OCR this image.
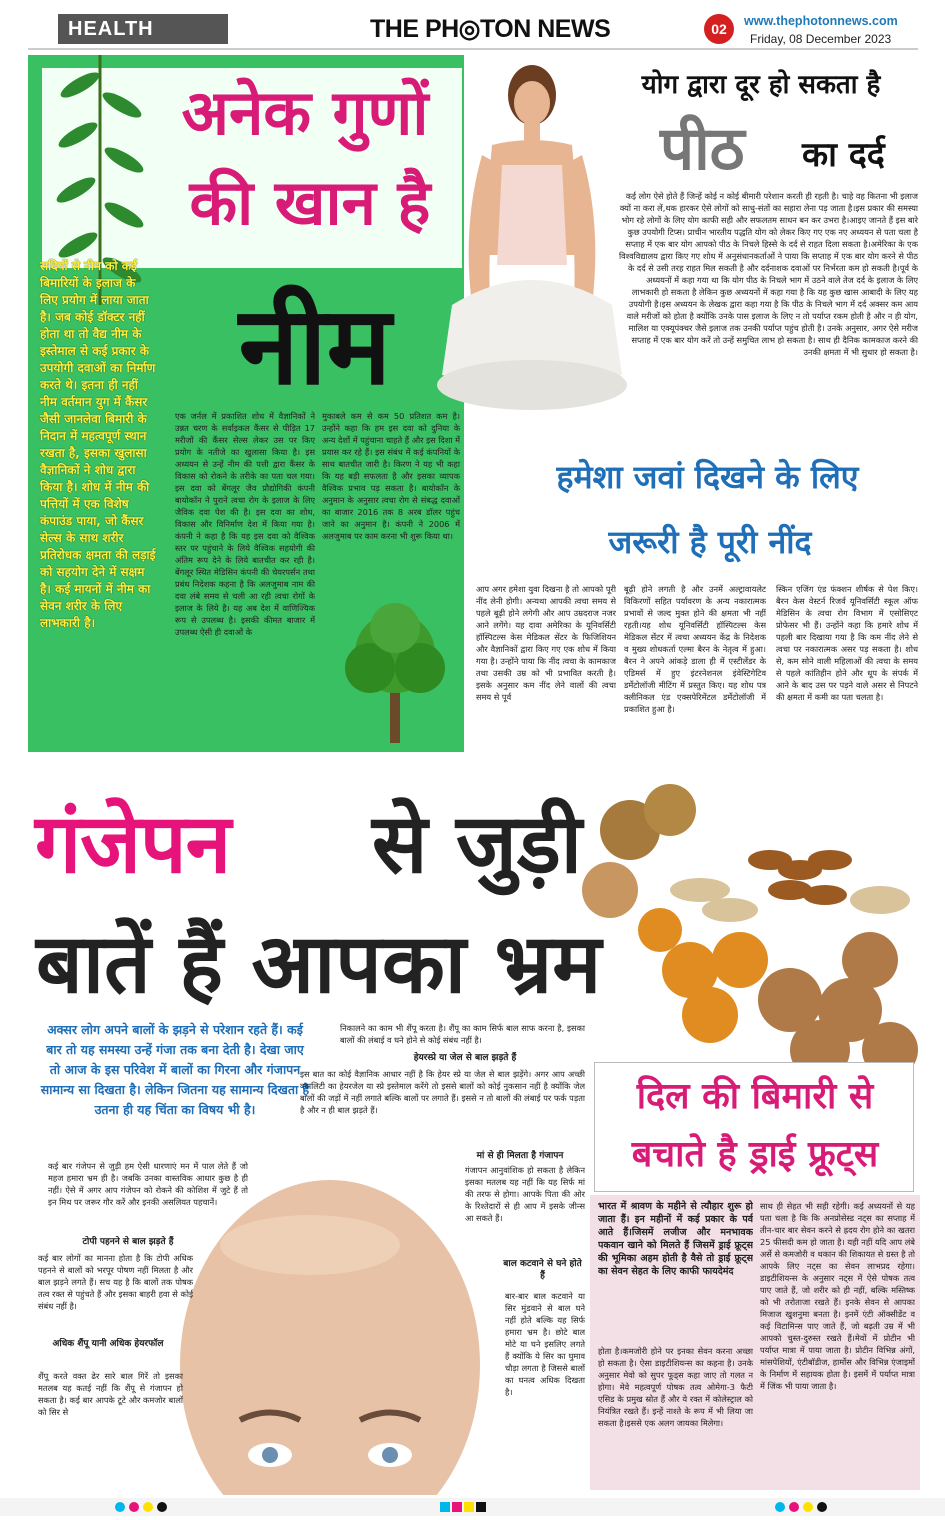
HEALTH	THE PH◎TON NEWS	02	www.thephotonnews.com
Friday, 08 December 2023
अनेक गुणों
की खान है
नीम
सदियों से नीम को कई बिमारियों के इलाज के लिए प्रयोग में लाया जाता है। जब कोई डॉक्टर नहीं होता था तो वैद्य नीम के इस्तेमाल से कई प्रकार के उपयोगी दवाओं का निर्माण करते थे। इतना ही नहीं नीम वर्तमान युग में कैंसर जैसी जानलेवा बिमारी के निदान में महत्वपूर्ण स्थान रखता है, इसका खुलासा वैज्ञानिकों ने शोध द्वारा किया है। शोध में नीम की पत्तियों में एक विशेष कंपाउंड पाया, जो कैंसर सेल्स के साथ शरीर प्रतिरोधक क्षमता की लड़ाई को सहयोग देने में सक्षम है। कई मायनों में नीम का सेवन शरीर के लिए लाभकारी है।
एक जर्नल में प्रकाशित शोध में वैज्ञानिकों ने उन्नत चरण के सर्वाइकल कैंसर से पीड़ित 17 मरीजों की कैंसर सेल्स लेकर उस पर किए प्रयोग के नतीजे का खुलासा किया है। इस अध्ययन से उन्हें नीम की पत्ती द्वारा कैंसर के विकास को रोकने के तरीके का पता चल गया। इस दवा को बेंगलूर जैव प्रौद्योगिकी कंपनी बायोकॉन ने पुराने त्वचा रोग के इलाज के लिए जैविक दवा पेश की है। इस दवा का शोध, विकास और विनिर्माण देश में किया गया है। कंपनी ने कहा है कि यह इस दवा को वैश्विक स्तर पर पहुंचाने के लिये वैश्विक सहयोगी की अंतिम रूप देने के लिये बातचीत कर रही है। बेंगलूर स्थित मेडिसिन कंपनी की चेयरपर्सन तथा प्रबंध निदेशक कहना है कि अलजुमाब नाम की दवा लंबे समय से चली आ रही त्वचा रोगों के इलाज के लिये है। यह अब देश में वाणिज्यिक रूप से उपलब्ध है। इसकी कीमत बाजार में उपलब्ध ऐसी ही दवाओं के
मुकाबले कम से कम 50 प्रतिशत कम है। उन्होंने कहा कि हम इस दवा को दुनिया के अन्य देशों में पहुंचाना चाहते हैं और इस दिशा में प्रयास कर रहे हैं। इस संबंध में कई कंपनियों के साथ बातचीत जारी है। किरण ने यह भी कहा कि यह बड़ी सफलता है और इसका व्यापक वैश्विक प्रभाव पड़ सकता है। बायोकॉन के अनुमान के अनुसार त्वचा रोग से संबद्ध दवाओं का बाजार 2016 तक 8 अरब डॉलर पहुंच जाने का अनुमान है। कंपनी ने 2006 में अलजुमाब पर काम करना भी शुरू किया था।
योग द्वारा दूर हो सकता है
पीठ का दर्द
कई लोग ऐसे होते हैं जिन्हें कोई न कोई बीमारी परेशान करती ही रहती है। चाहे वह कितना भी इलाज क्यों ना करा लें,थक हारकर ऐसे लोगों को साधु-संतों का सहारा लेना पड़ जाता है।इस प्रकार की समस्या भोग रहे लोगों के लिए योग काफी सही और सफलतम साधन बन कर उभरा है।आइए जानते हैं इस बारे कुछ उपयोगी टिप्स। प्राचीन भारतीय पद्धति योग को लेकर किए गए एक नए अध्ययन से पता चला है सप्ताह में एक बार योग आपको पीठ के निचले हिस्से के दर्द से राहत दिला सकता है।अमेरिका के एक विश्वविद्यालय द्वारा किए गए शोध में अनुसंधानकर्ताओं ने पाया कि सप्ताह में एक बार योग करने से पीठ के दर्द से उसी तरह राहत मिल सकती है और दर्दनाशक दवाओं पर निर्भरता कम हो सकती है।पूर्व के अध्ययनों में कहा गया था कि योग पीठ के निचले भाग में उठने वाले तेज दर्द के इलाज के लिए लाभकारी हो सकता है लेकिन कुछ अध्ययनों में कहा गया है कि यह कुछ खास आबादी के लिए यह उपयोगी है।इस अध्ययन के लेखक द्वारा कहा गया है कि पीठ के निचले भाग में दर्द अक्सर कम आय वाले मरीजों को होता है क्योंकि उनके पास इलाज के लिए न तो पर्याप्त रकम होती है और न ही योग, मालिश या एक्यूपंक्चर जैसे इलाज तक उनकी पर्याप्त पहुंच होती है। उनके अनुसार, अगर ऐसे मरीज सप्ताह में एक बार योग करें तो उन्हें समुचित लाभ हो सकता है। साथ ही दैनिक कामकाज करने की उनकी क्षमता में भी सुधार हो सकता है।
हमेशा जवां दिखने के लिए
जरूरी है पूरी नींद
आप अगर हमेशा युवा दिखना है तो आपको पूरी नींद लेनी होगी। अन्यथा आपकी त्वचा समय से पहले बूढ़ी होने लगेगी और आप उम्रदराज नजर आने लगेंगे। यह दावा अमेरिका के यूनिवर्सिटी हॉस्पिटल्स केस मेडिकल सेंटर के फिजिशियन और वैज्ञानिकों द्वारा किए गए एक शोध में किया गया है। उन्होंने पाया कि नींद त्वचा के कामकाज तथा उसकी उम्र को भी प्रभावित करती है। इसके अनुसार कम नींद लेने वालों की त्वचा समय से पूर्व
बूढ़ी होने लगती है और उनमें अल्ट्रावायलेट विकिरणों सहित पर्यावरण के अन्य नकारात्मक प्रभावों से जल्द मुक्त होने की क्षमता भी नहीं रहती।यह शोध यूनिवर्सिटी हॉस्पिटल्स केस मेडिकल सेंटर में त्वचा अध्ययन केंद्र के निदेशक व मुख्य शोधकर्ता एल्मा बैरन के नेतृत्व में हुआ। बैरन ने अपने आंकड़े डाला ही में एस्टीलेंडर के एडिमर्स में हुए इंटरनेशनल इंवेस्टिगेटिव डर्मेटोलॉजी मीटिंग में प्रस्तुत किए। यह शोध पत्र क्लीनिकल एंड एक्सपेरिमेंटल डर्मेटोलॉजी में प्रकाशित हुआ है।
स्किन एजिंग एंड फंक्शन शीर्षक से पेश किए। बैरन केस वेस्टर्न रिजर्व यूनिवर्सिटी स्कूल ऑफ मेडिसिन के त्वचा रोग विभाग में एसोसिएट प्रोफेसर भी हैं। उन्होंने कहा कि हमारे शोध में पहली बार दिखाया गया है कि कम नींद लेने से त्वचा पर नकारात्मक असर पड़ सकता है। शोध से, कम सोने वाली महिलाओं की त्वचा के समय से पहले कांतिहीन होने और धूप के संपर्क में आने के बाद उस पर पड़ने वाले असर से निपटने की क्षमता में कमी का पता चलता है।
गंजेपन से जुड़ी
बातें हैं आपका भ्रम
अक्सर लोग अपने बालों के झड़ने से परेशान रहते हैं। कई बार तो यह समस्या उन्हें गंजा तक बना देती है। देखा जाए तो आज के इस परिवेश में बालों का गिरना और गंजापन सामान्य सा दिखता है। लेकिन जितना यह सामान्य दिखता है उतना ही यह चिंता का विषय भी है।
कई बार गंजेपन से जुड़ी हम ऐसी धारणाएं मन में पाल लेते हैं जो महज हमारा भ्रम ही है। जबकि उनका वास्तविक आधार कुछ है ही नहीं। ऐसे में अगर आप गंजेपन को रोकने की कोशिश में जुटे हैं तो इन मिथ पर जरूर गौर करें और इनकी असलियत पहचानें।
टोपी पहनने से बाल झड़ते हैं
कई बार लोगों का मानना होता है कि टोपी अधिक पहनने से बालों को भरपूर पोषण नहीं मिलता है और बाल झड़ने लगते हैं। सच यह है कि बालों तक पोषक तत्व रक्त से पहुंचते हैं और इसका बाहरी हवा से कोई संबंध नहीं है।
अधिक शैंपू यानी अधिक हेयरफॉल
शैंपू करते वक्त ढेर सारे बाल गिरें तो इसका मतलब यह कतई नहीं कि शैंपू से गंजापन हो सकता है। कई बार आपके टूटे और कमजोर बालों को सिर से
निकालने का काम भी शैंपू करता है। शैंपू का काम सिर्फ बाल साफ करना है, इसका बालों की लंबाई व घने होने से कोई संबंध नहीं है।
हेयरस्प्रे या जेल से बाल झड़ते हैं
इस बात का कोई वैज्ञानिक आधार नहीं है कि हेयर स्प्रे या जेल से बाल झड़ेंगे। अगर आप अच्छी क्वालिटी का हेयरजेल या स्प्रे इस्तेमाल करेंगे तो इससे बालों को कोई नुकसान नहीं है क्योंकि जेल बालों की जड़ों में नहीं लगाते बल्कि बालों पर लगाते हैं। इससे न तो बालों की लंबाई पर फर्क पड़ता है और न ही बाल झड़ते हैं।
मां से ही मिलता है गंजापन
गंजापन आनुवांशिक हो सकता है लेकिन इसका मतलब यह नहीं कि यह सिर्फ मां की तरफ से होगा। आपके पिता की ओर के रिश्तेदारों से ही आप में इसके जीन्स आ सकते हैं।
बाल कटवाने से घने होते हैं
बार-बार बाल कटवाने या सिर मुंडवाने से बाल घने नहीं होते बल्कि यह सिर्फ हमारा भ्रम है। छोटे बाल मोटे या घने इसलिए लगते हैं क्योंकि ये सिर का घुमाव चौड़ा लगता है जिससे बालों का घनत्व अधिक दिखता है।
दिल की बिमारी से
बचाते है ड्राई फ्रूट्स
भारत में श्रावण के महीने से त्यौहार शुरू हो जाता हैं। इन महीनों में कई प्रकार के पर्व आते हैं।जिसमें लजीज और मनभावक पकवान खाने को मिलते हैं जिसमें ड्राई फ्रूट्स की भूमिका अहम होती है वैसे तो ड्राई फ्रूट्स का सेवन सेहत के लिए काफी फायदेमंद
होता है।कमजोरी होने पर इनका सेवन करना अच्छा हो सकता है। ऐसा डाइटीशियन्स का कहना है। उनके अनुसार मेवो को सुपर फूड्स कहा जाए तो गलत न होगा। मेवे महत्वपूर्ण पोषक तत्व ओमेगा-3 फैटी एसिड के प्रमुख स्रोत हैं और ये रक्त में कोलेस्ट्राल को नियंत्रित रखते हैं। इन्हें नाश्ते के रूप में भी लिया जा सकता है।इससे एक अलग जायका मिलेगा।
साथ ही सेहत भी सही रहेगी। कई अध्ययनों से यह पता चला है कि कि अनप्रोसेस्ड नट्स का सप्ताह में तीन-चार बार सेवन करने से ह्रदय रोग होने का खतरा 25 फीसदी कम हो जाता है। यही नहीं यदि आप लंबे अर्से से कमजोरी व थकान की शिकायत से ग्रस्त है तो आपके लिए नट्स का सेवन लाभप्रद रहेगा। डाइटीशियन्स के अनुसार नट्स में ऐसे पोषक तत्व पाए जाते हैं, जो शरीर को ही नहीं, बल्कि मस्तिष्क को भी तरोताजा रखते हैं। इनके सेवन से आपका मिजाज खुशनुमा बनता है। इनमें एंटी ऑक्सीडेंट व कई विटामिन्स पाए जाते हैं, जो बढ़ती उम्र में भी आपको चुस्त-दुरुस्त रखते हैं।मेवों में प्रोटीन भी पर्याप्त मात्रा में पाया जाता है। प्रोटीन विभिन्न अंगों, मांसपेशियों, एंटीबॉडीज, हार्मोस और विभिन्न एंजाइमों के निर्माण में सहायक होता है। इसमें में पर्याप्त मात्रा में जिंक भी पाया जाता है।
